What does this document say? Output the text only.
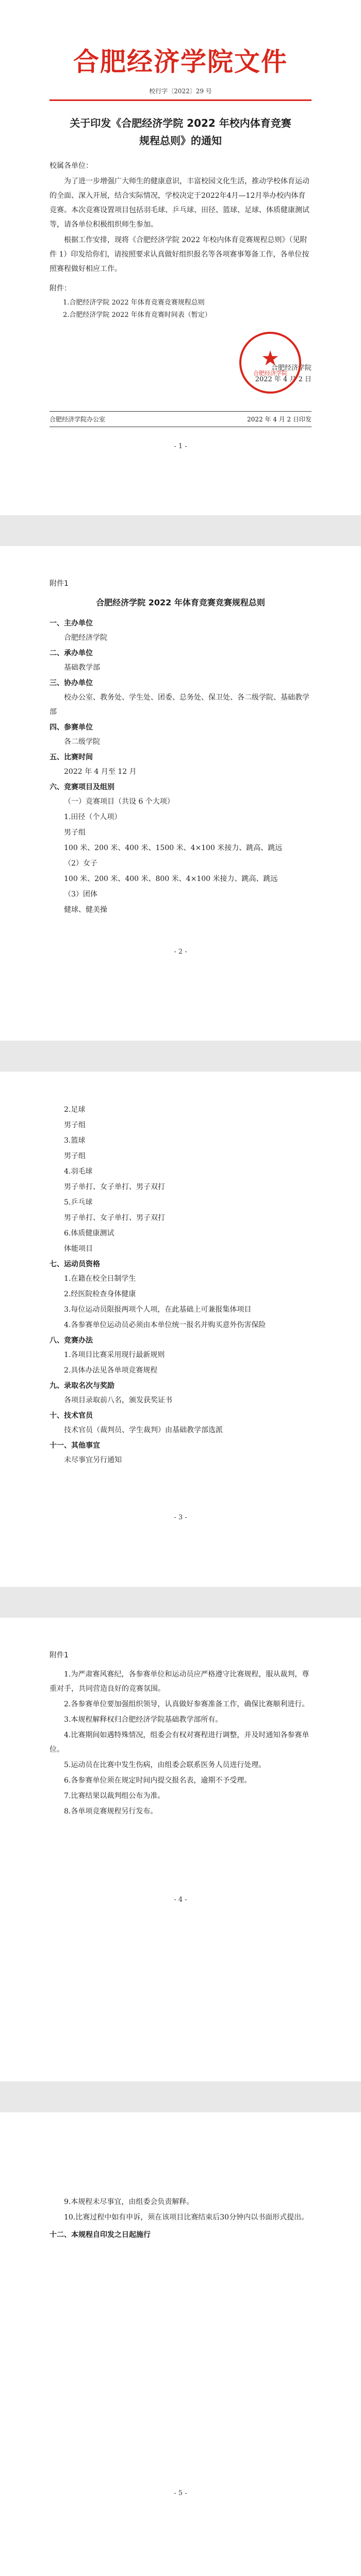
合肥经济学院文件
校行字〔2022〕29 号
关于印发《合肥经济学院 2022 年校内体育竞赛
规程总则》的通知
校属各单位：
为了进一步增强广大师生的健康意识，丰富校园文化生活，推动学校体育运动的全面、深入开展，结合实际情况，学校决定于2022年4月—12月举办校内体育竞赛。本次竞赛设置项目包括羽毛球、乒乓球、田径、篮球、足球、体质健康测试等，请各单位积极组织师生参加。
根据工作安排，现将《合肥经济学院 2022 年校内体育竞赛规程总则》（见附件 1）印发给你们，请按照要求认真做好组织报名等各项赛事筹备工作，各单位按照赛程做好相应工作。
附件：
1.合肥经济学院 2022 年体育竞赛竞赛规程总则
2.合肥经济学院 2022 年体育竞赛时间表（暂定）
★
合肥经济学院
合肥经济学院
2022 年 4 月 2 日
合肥经济学院办公室	2022 年 4 月 2 日印发
- 1 -
附件1
合肥经济学院 2022 年体育竞赛竞赛规程总则
一、主办单位
合肥经济学院
二、承办单位
基础教学部
三、协办单位
校办公室、教务处、学生处、团委、总务处、保卫处、各二级学院、基础教学部
四、参赛单位
各二级学院
五、比赛时间
2022 年 4 月至 12 月
六、竞赛项目及组别
（一）竞赛项目（共设 6 个大项）
1.田径（个人项）
男子组
100 米、200 米、400 米、1500 米、4×100 米接力、跳高、跳远
（2）女子
100 米、200 米、400 米、800 米、4×100 米接力、跳高、跳远
（3）团体
健球、健美操
- 2 -
2.足球
男子组
3.篮球
男子组
4.羽毛球
男子单打、女子单打、男子双打
5.乒乓球
男子单打、女子单打、男子双打
6.体质健康测试
体能项目
七、运动员资格
1.在籍在校全日制学生
2.经医院检查身体健康
3.每位运动员限报两项个人项，在此基础上可兼报集体项目
4.各参赛单位运动员必须由本单位统一报名并购买意外伤害保险
八、竞赛办法
1.各项目比赛采用现行最新规则
2.具体办法见各单项竞赛规程
九、录取名次与奖励
各项目录取前八名，颁发获奖证书
十、技术官员
技术官员（裁判员、学生裁判）由基础教学部选派
十一、其他事宜
未尽事宜另行通知
- 3 -
附件1
1.为严肃赛风赛纪，各参赛单位和运动员应严格遵守比赛规程，服从裁判，尊重对手，共同营造良好的竞赛氛围。
2.各参赛单位要加强组织领导，认真做好参赛准备工作，确保比赛顺利进行。
3.本规程解释权归合肥经济学院基础教学部所有。
4.比赛期间如遇特殊情况，组委会有权对赛程进行调整，并及时通知各参赛单位。
5.运动员在比赛中发生伤病，由组委会联系医务人员进行处理。
6.各参赛单位须在规定时间内提交报名表，逾期不予受理。
7.比赛结果以裁判组公布为准。
8.各单项竞赛规程另行发布。
- 4 -
9.本规程未尽事宜，由组委会负责解释。
10.比赛过程中如有申诉，须在该项目比赛结束后30分钟内以书面形式提出。
十二、本规程自印发之日起施行
- 5 -
